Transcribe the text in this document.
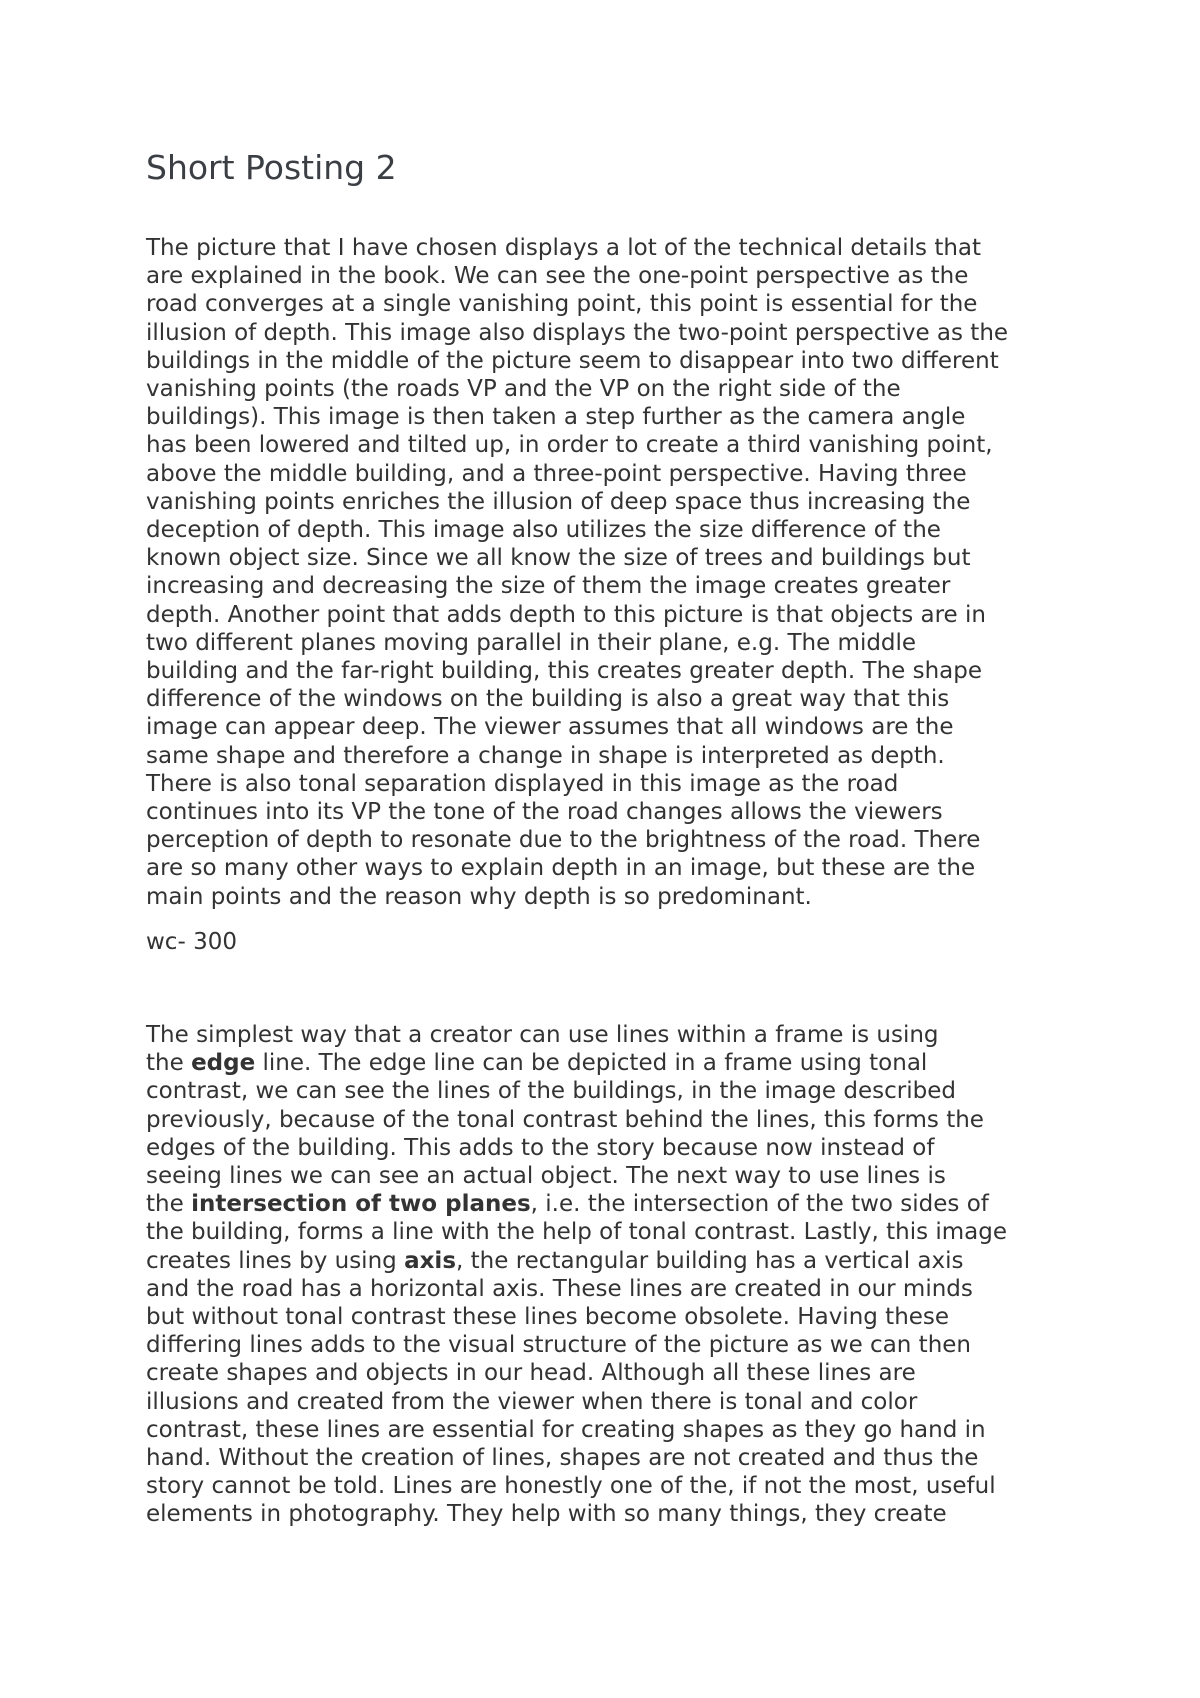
Short Posting 2

The picture that I have chosen displays a lot of the technical details that
are explained in the book. We can see the one-point perspective as the
road converges at a single vanishing point, this point is essential for the
illusion of depth. This image also displays the two-point perspective as the
buildings in the middle of the picture seem to disappear into two different
vanishing points (the roads VP and the VP on the right side of the
buildings). This image is then taken a step further as the camera angle
has been lowered and tilted up, in order to create a third vanishing point,
above the middle building, and a three-point perspective. Having three
vanishing points enriches the illusion of deep space thus increasing the
deception of depth. This image also utilizes the size difference of the
known object size. Since we all know the size of trees and buildings but
increasing and decreasing the size of them the image creates greater
depth. Another point that adds depth to this picture is that objects are in
two different planes moving parallel in their plane, e.g. The middle
building and the far-right building, this creates greater depth. The shape
difference of the windows on the building is also a great way that this
image can appear deep. The viewer assumes that all windows are the
same shape and therefore a change in shape is interpreted as depth.
There is also tonal separation displayed in this image as the road
continues into its VP the tone of the road changes allows the viewers
perception of depth to resonate due to the brightness of the road. There
are so many other ways to explain depth in an image, but these are the
main points and the reason why depth is so predominant.

wc- 300

The simplest way that a creator can use lines within a frame is using
the edge line. The edge line can be depicted in a frame using tonal
contrast, we can see the lines of the buildings, in the image described
previously, because of the tonal contrast behind the lines, this forms the
edges of the building. This adds to the story because now instead of
seeing lines we can see an actual object. The next way to use lines is
the intersection of two planes, i.e. the intersection of the two sides of
the building, forms a line with the help of tonal contrast. Lastly, this image
creates lines by using axis, the rectangular building has a vertical axis
and the road has a horizontal axis. These lines are created in our minds
but without tonal contrast these lines become obsolete. Having these
differing lines adds to the visual structure of the picture as we can then
create shapes and objects in our head. Although all these lines are
illusions and created from the viewer when there is tonal and color
contrast, these lines are essential for creating shapes as they go hand in
hand. Without the creation of lines, shapes are not created and thus the
story cannot be told. Lines are honestly one of the, if not the most, useful
elements in photography. They help with so many things, they create
